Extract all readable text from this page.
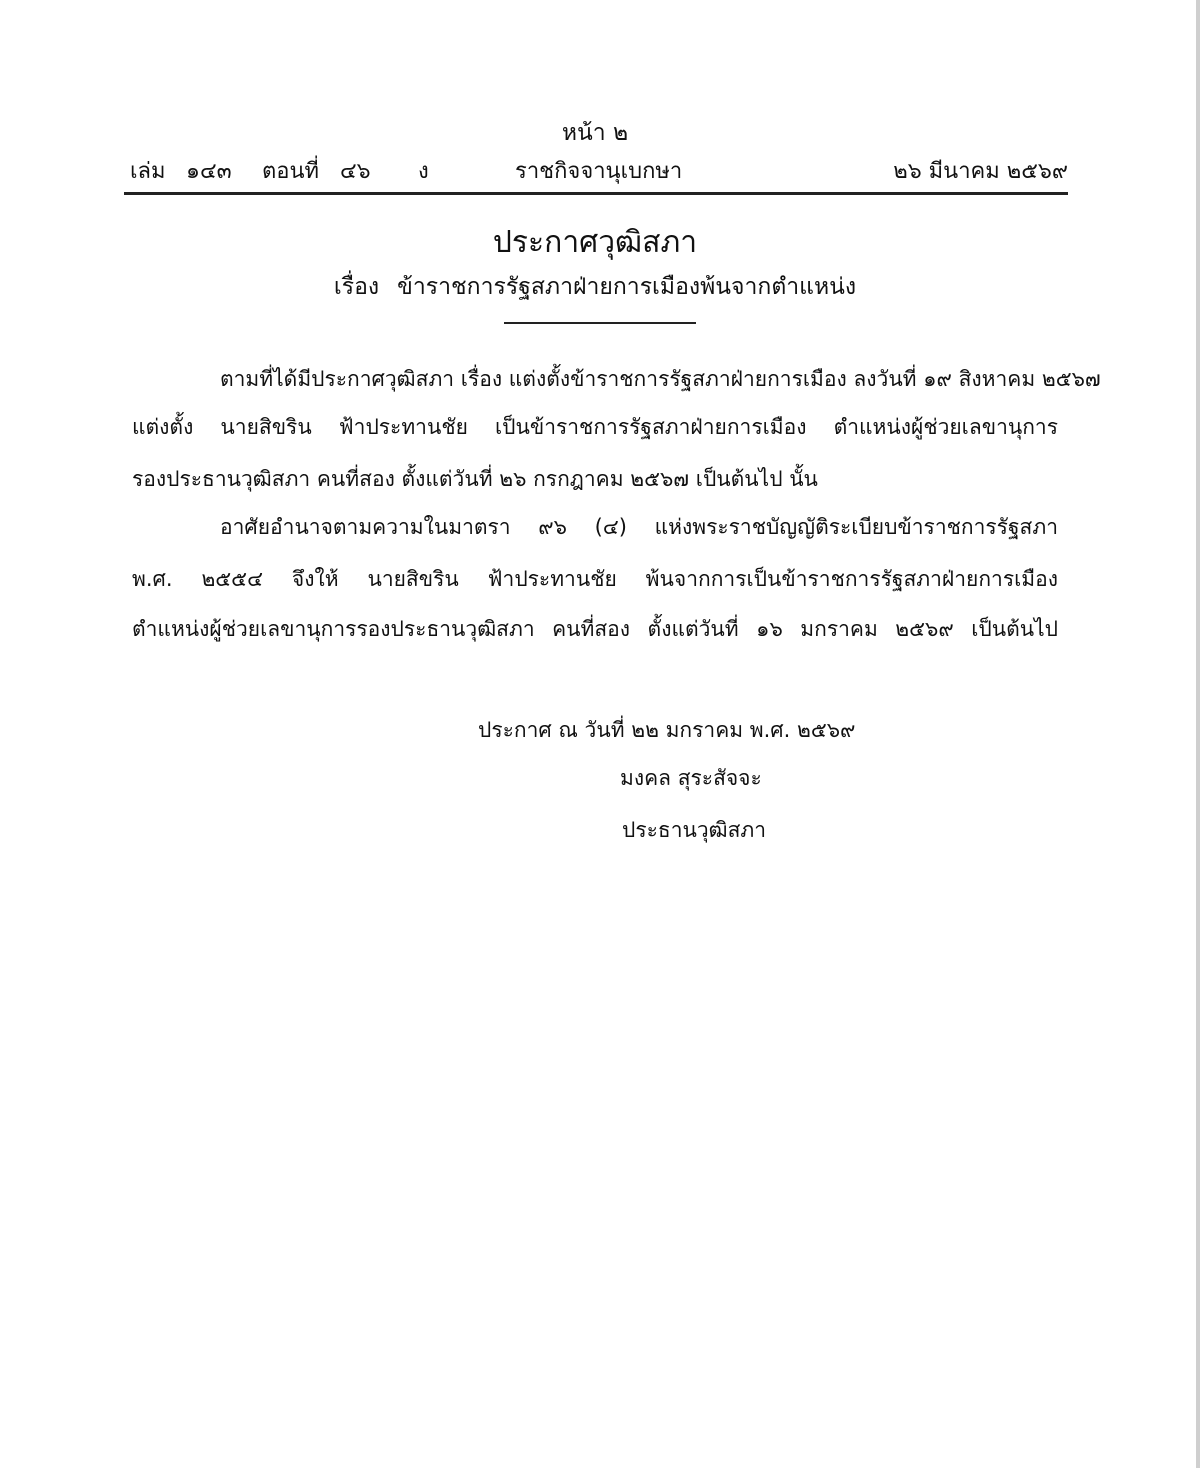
หน้า ๒
เล่ม ๑๔๓ ตอนที่ ๔๖ ง	ราชกิจจานุเบกษา	๒๖ มีนาคม ๒๕๖๙
ประกาศวุฒิสภา
เรื่อง ข้าราชการรัฐสภาฝ่ายการเมืองพ้นจากตำแหน่ง
ตามที่ได้มีประกาศวุฒิสภา เรื่อง แต่งตั้งข้าราชการรัฐสภาฝ่ายการเมือง ลงวันที่ ๑๙ สิงหาคม ๒๕๖๗
แต่งตั้ง นายสิขริน ฟ้าประทานชัย เป็นข้าราชการรัฐสภาฝ่ายการเมือง ตำแหน่งผู้ช่วยเลขานุการ
รองประธานวุฒิสภา คนที่สอง ตั้งแต่วันที่ ๒๖ กรกฎาคม ๒๕๖๗ เป็นต้นไป นั้น
อาศัยอำนาจตามความในมาตรา ๙๖ (๔) แห่งพระราชบัญญัติระเบียบข้าราชการรัฐสภา
พ.ศ. ๒๕๕๔ จึงให้ นายสิขริน ฟ้าประทานชัย พ้นจากการเป็นข้าราชการรัฐสภาฝ่ายการเมือง
ตำแหน่งผู้ช่วยเลขานุการรองประธานวุฒิสภา คนที่สอง ตั้งแต่วันที่ ๑๖ มกราคม ๒๕๖๙ เป็นต้นไป
ประกาศ ณ วันที่ ๒๒ มกราคม พ.ศ. ๒๕๖๙
มงคล สุระสัจจะ
ประธานวุฒิสภา
